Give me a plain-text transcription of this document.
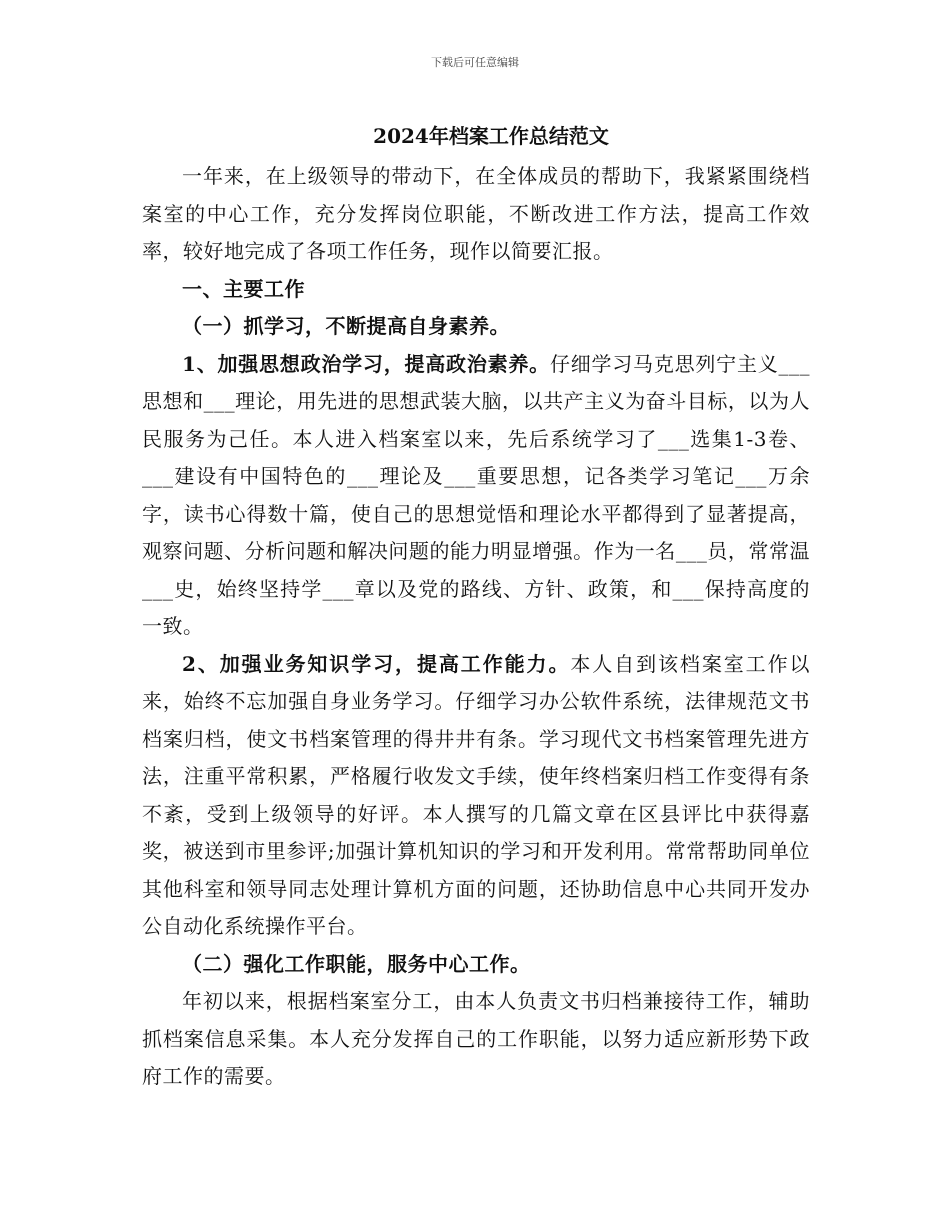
下载后可任意编辑
2024年档案工作总结范文

一年来，在上级领导的带动下，在全体成员的帮助下，我紧紧围绕档案室的中心工作，充分发挥岗位职能，不断改进工作方法，提高工作效率，较好地完成了各项工作任务，现作以简要汇报。

一、主要工作

（一）抓学习，不断提高自身素养。

1、加强思想政治学习，提高政治素养。仔细学习马克思列宁主义___思想和___理论，用先进的思想武装大脑，以共产主义为奋斗目标，以为人民服务为己任。本人进入档案室以来，先后系统学习了___选集1-3卷、___建设有中国特色的___理论及___重要思想，记各类学习笔记___万余字，读书心得数十篇，使自己的思想觉悟和理论水平都得到了显著提高，观察问题、分析问题和解决问题的能力明显增强。作为一名___员，常常温___史，始终坚持学___章以及党的路线、方针、政策，和___保持高度的一致。

2、加强业务知识学习，提高工作能力。本人自到该档案室工作以来，始终不忘加强自身业务学习。仔细学习办公软件系统，法律规范文书档案归档，使文书档案管理的得井井有条。学习现代文书档案管理先进方法，注重平常积累，严格履行收发文手续，使年终档案归档工作变得有条不紊，受到上级领导的好评。本人撰写的几篇文章在区县评比中获得嘉奖，被送到市里参评;加强计算机知识的学习和开发利用。常常帮助同单位其他科室和领导同志处理计算机方面的问题，还协助信息中心共同开发办公自动化系统操作平台。

（二）强化工作职能，服务中心工作。

年初以来，根据档案室分工，由本人负责文书归档兼接待工作，辅助抓档案信息采集。本人充分发挥自己的工作职能，以努力适应新形势下政府工作的需要。
